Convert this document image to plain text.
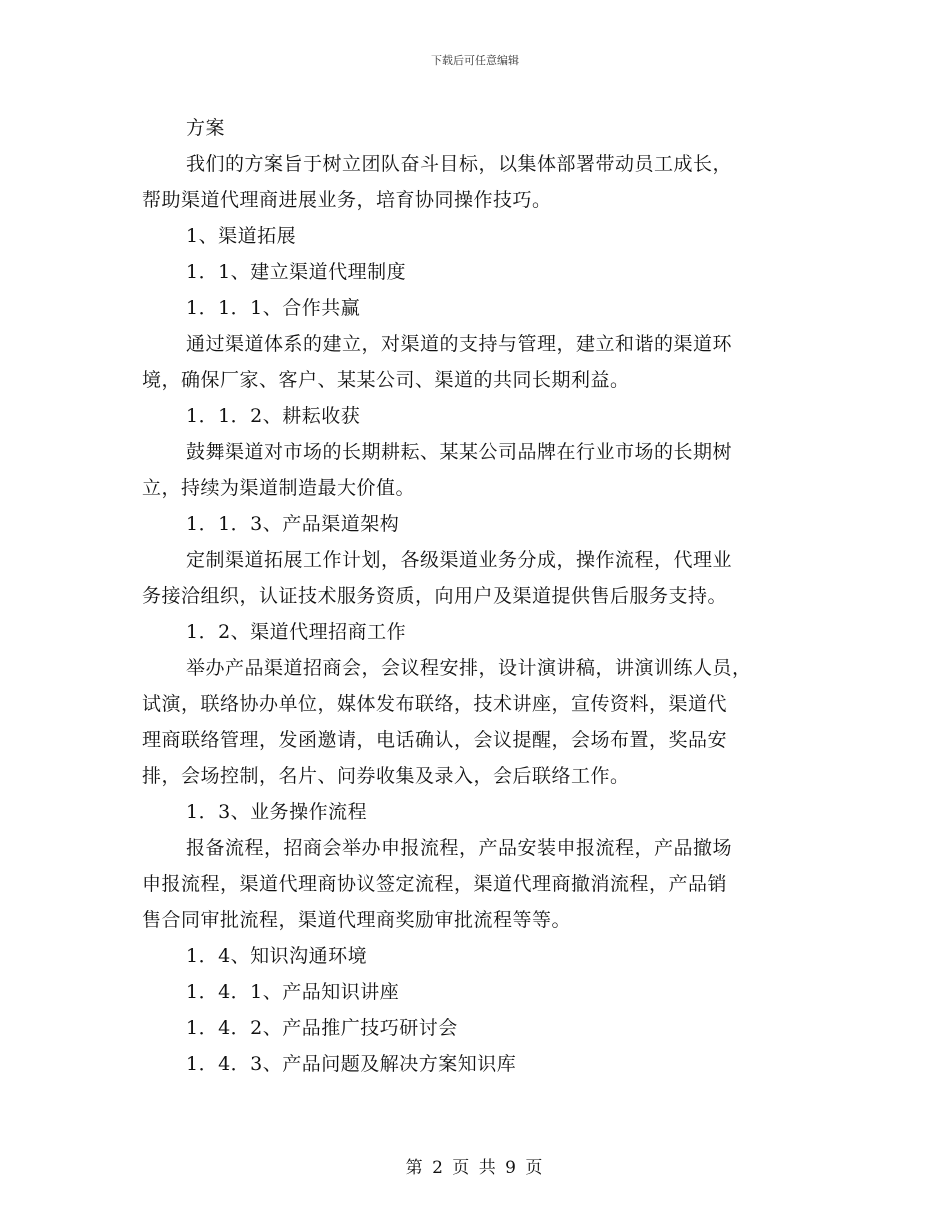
下载后可任意编辑
方案
我们的方案旨于树立团队奋斗目标，以集体部署带动员工成长，
帮助渠道代理商进展业务，培育协同操作技巧。
1、渠道拓展
1．1、建立渠道代理制度
1．1．1、合作共赢
通过渠道体系的建立，对渠道的支持与管理，建立和谐的渠道环
境，确保厂家、客户、某某公司、渠道的共同长期利益。
1．1．2、耕耘收获
鼓舞渠道对市场的长期耕耘、某某公司品牌在行业市场的长期树
立，持续为渠道制造最大价值。
1．1．3、产品渠道架构
定制渠道拓展工作计划，各级渠道业务分成，操作流程，代理业
务接洽组织，认证技术服务资质，向用户及渠道提供售后服务支持。
1．2、渠道代理招商工作
举办产品渠道招商会，会议程安排，设计演讲稿，讲演训练人员，
试演，联络协办单位，媒体发布联络，技术讲座，宣传资料，渠道代
理商联络管理，发函邀请，电话确认，会议提醒，会场布置，奖品安
排，会场控制，名片、问券收集及录入，会后联络工作。
1．3、业务操作流程
报备流程，招商会举办申报流程，产品安装申报流程，产品撤场
申报流程，渠道代理商协议签定流程，渠道代理商撤消流程，产品销
售合同审批流程，渠道代理商奖励审批流程等等。
1．4、知识沟通环境
1．4．1、产品知识讲座
1．4．2、产品推广技巧研讨会
1．4．3、产品问题及解决方案知识库
第 2 页 共 9 页
